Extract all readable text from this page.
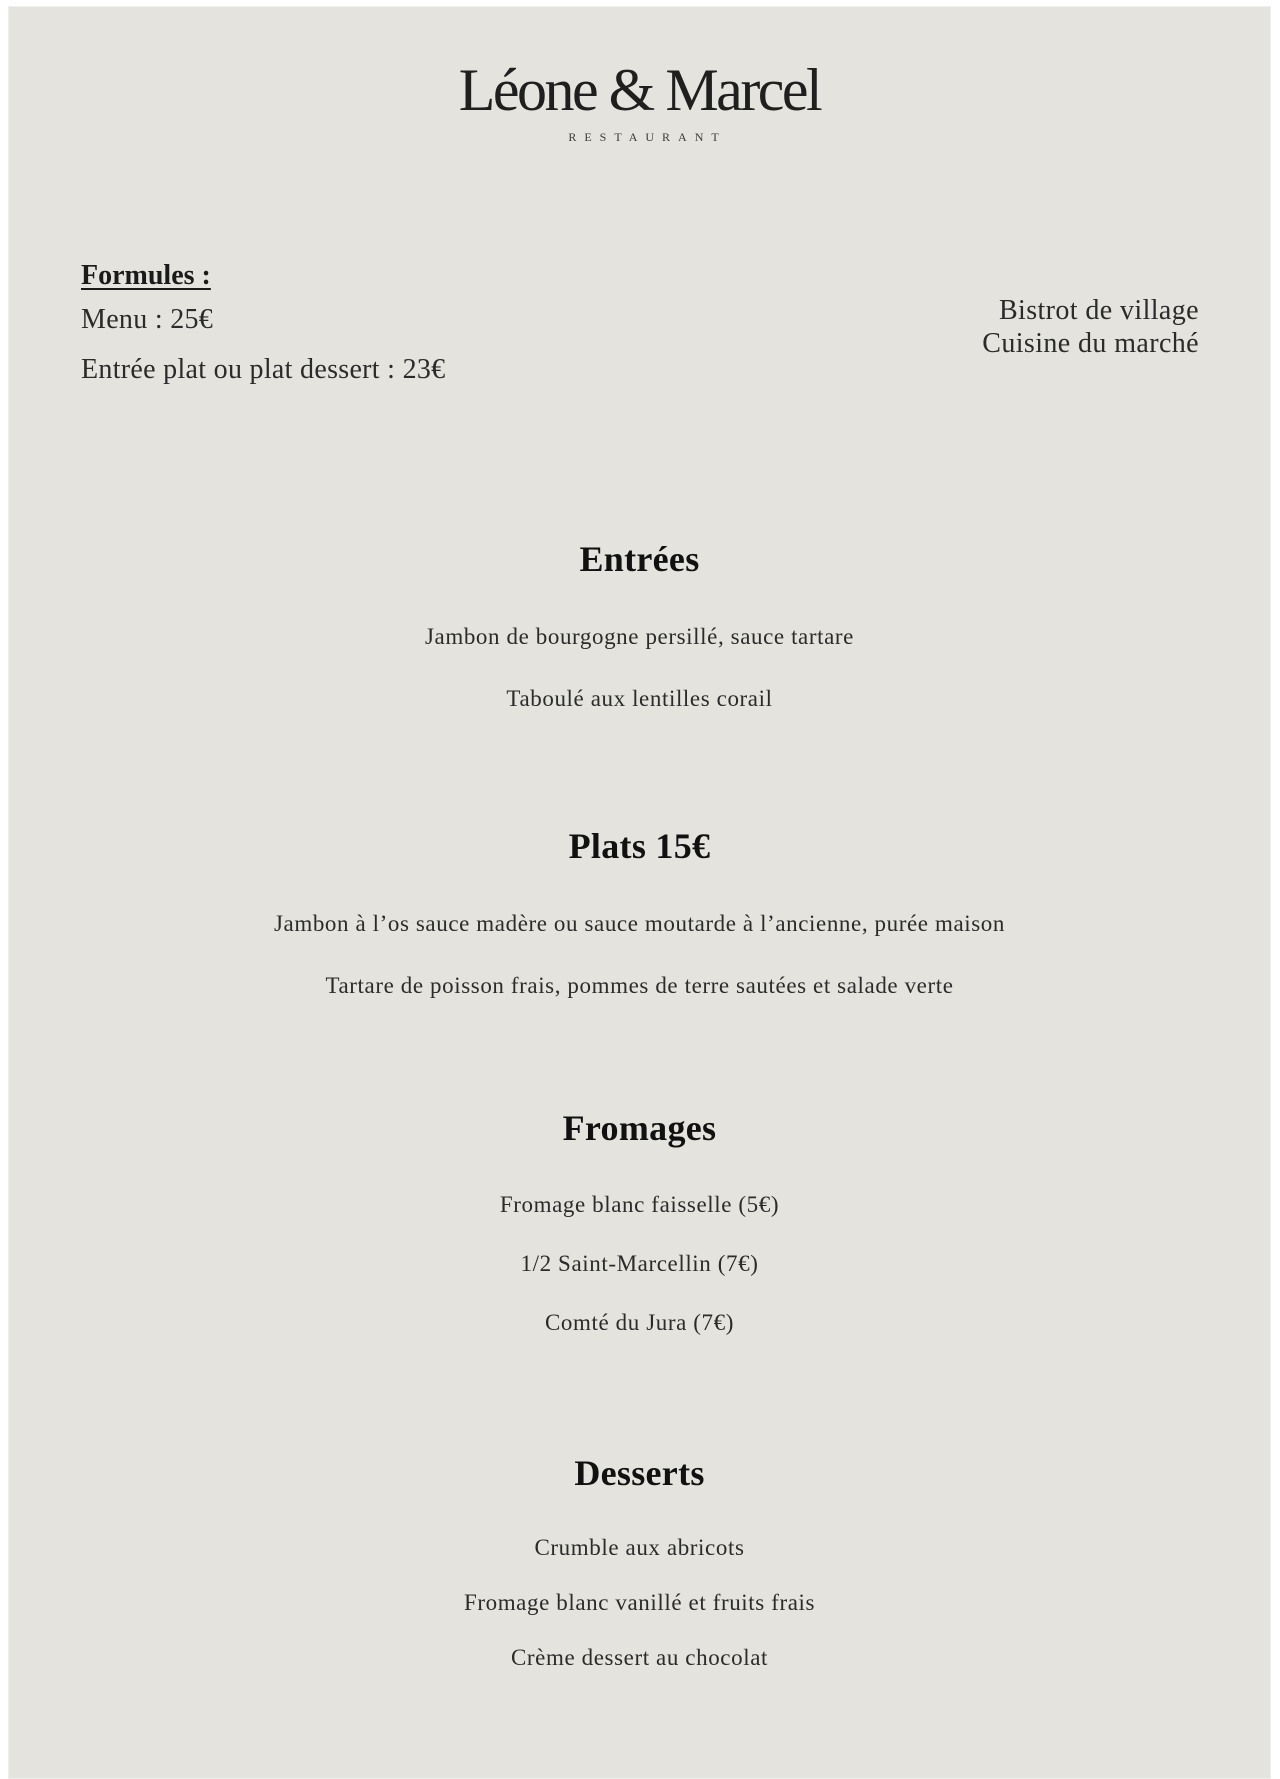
Léone & Marcel
RESTAURANT
Formules :
Menu : 25€
Entrée plat ou plat dessert : 23€
Bistrot de village
Cuisine du marché
Entrées
Jambon de bourgogne persillé, sauce tartare
Taboulé aux lentilles corail
Plats 15€
Jambon à l’os sauce madère ou sauce moutarde à l’ancienne, purée maison
Tartare de poisson frais, pommes de terre sautées et salade verte
Fromages
Fromage blanc faisselle (5€)
1/2 Saint-Marcellin (7€)
Comté du Jura (7€)
Desserts
Crumble aux abricots
Fromage blanc vanillé et fruits frais
Crème dessert au chocolat
